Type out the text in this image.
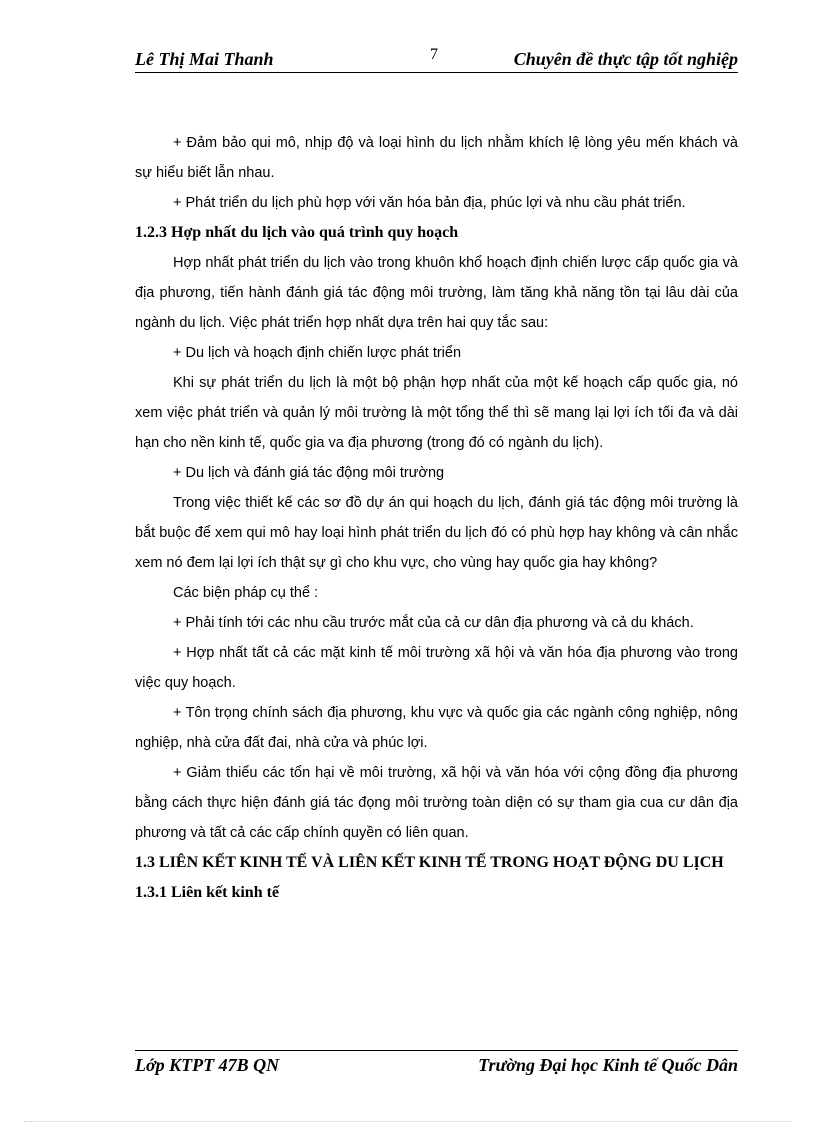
Lê Thị Mai Thanh	7	Chuyên đề thực tập tốt nghiệp

+ Đảm bảo qui mô, nhịp độ và loại hình du lịch nhằm khích lệ lòng yêu mến khách và sự hiểu biết lẫn nhau.

+ Phát triển du lịch phù hợp với văn hóa bản địa, phúc lợi và nhu cầu phát triển.

1.2.3 Hợp nhất du lịch vào quá trình quy hoạch

Hợp nhất phát triển du lịch vào trong khuôn khổ hoạch định chiến lược cấp quốc gia và địa phương, tiến hành đánh giá tác động môi trường, làm tăng khả năng tồn tại lâu dài của ngành du lịch. Việc phát triển hợp nhất dựa trên hai quy tắc sau:

+ Du lịch và hoạch định chiến lược phát triển

Khi sự phát triển du lịch là một bộ phận hợp nhất của một kế hoạch cấp quốc gia, nó xem việc phát triển và quản lý môi trường là một tổng thể thì sẽ mang lại lợi ích tối đa và dài hạn cho nền kinh tế, quốc gia va địa phương (trong đó có ngành du lịch).

+ Du lịch và đánh giá tác động môi trường

Trong việc thiết kế các sơ đồ dự án qui hoạch du lịch, đánh giá tác động môi trường là bắt buộc để xem qui mô hay loại hình phát triển du lịch đó có phù hợp hay không và cân nhắc xem nó đem lại lợi ích thật sự gì cho khu vực, cho vùng hay quốc gia hay không?

Các biện pháp cụ thể :

+ Phải tính tới các nhu cầu trước mắt của cả cư dân địa phương và cả du khách.

+ Hợp nhất tất cả các mặt kinh tế môi trường xã hội và văn hóa địa phương vào trong việc quy hoạch.

+ Tôn trọng chính sách địa phương, khu vực và quốc gia các ngành công nghiệp, nông nghiệp, nhà cửa đất đai, nhà cửa và phúc lợi.

+ Giảm thiểu các tổn hại về môi trường, xã hội và văn hóa với cộng đồng địa phương bằng cách thực hiện đánh giá tác đọng môi trường toàn diện có sự tham gia cua cư dân địa phương và tất cả các cấp chính quyền có liên quan.

1.3 LIÊN KẾT KINH TẾ VÀ LIÊN KẾT KINH TẾ TRONG HOẠT ĐỘNG DU LỊCH

1.3.1 Liên kết kinh tế

Lớp KTPT 47B QN	Trường Đại học Kinh tế Quốc Dân
